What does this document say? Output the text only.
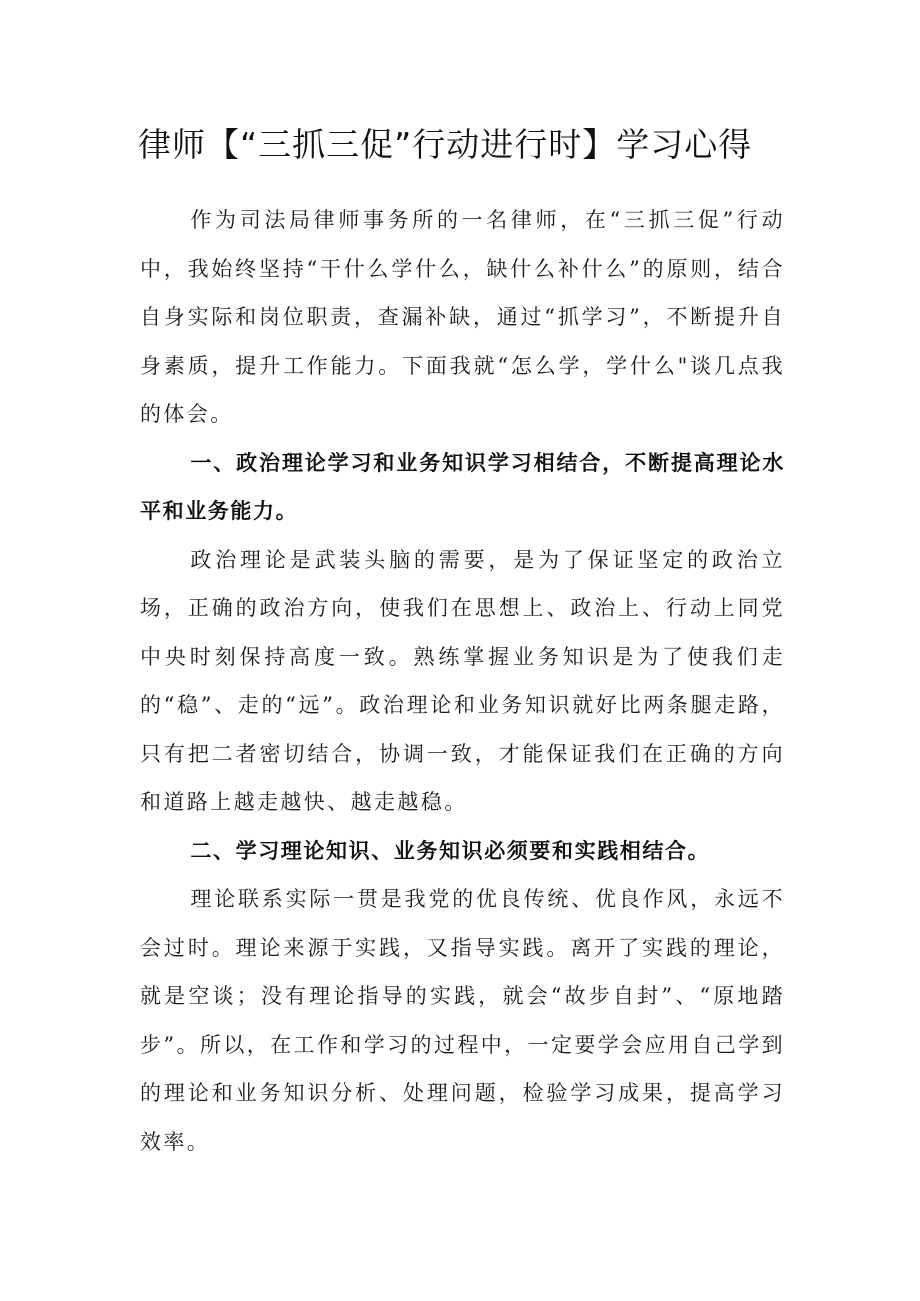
律师【“三抓三促”行动进行时】学习心得

作为司法局律师事务所的一名律师，在“三抓三促”行动中，我始终坚持“干什么学什么，缺什么补什么”的原则，结合自身实际和岗位职责，查漏补缺，通过“抓学习”，不断提升自身素质，提升工作能力。下面我就“怎么学，学什么"谈几点我的体会。

一、政治理论学习和业务知识学习相结合，不断提高理论水平和业务能力。

政治理论是武装头脑的需要，是为了保证坚定的政治立场，正确的政治方向，使我们在思想上、政治上、行动上同党中央时刻保持高度一致。熟练掌握业务知识是为了使我们走的“稳”、走的“远”。政治理论和业务知识就好比两条腿走路，只有把二者密切结合，协调一致，才能保证我们在正确的方向和道路上越走越快、越走越稳。

二、学习理论知识、业务知识必须要和实践相结合。

理论联系实际一贯是我党的优良传统、优良作风，永远不会过时。理论来源于实践，又指导实践。离开了实践的理论，就是空谈；没有理论指导的实践，就会“故步自封”、“原地踏步”。所以，在工作和学习的过程中，一定要学会应用自己学到的理论和业务知识分析、处理问题，检验学习成果，提高学习效率。
